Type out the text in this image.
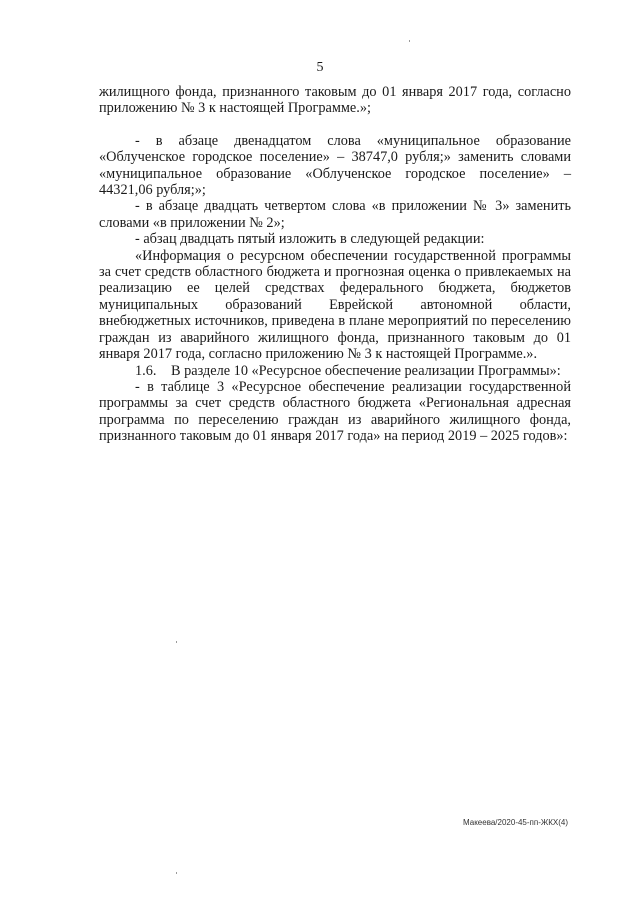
5

жилищного фонда, признанного таковым до 01 января 2017 года, согласно приложению № 3 к настоящей Программе.»;

- в абзаце двенадцатом слова «муниципальное образование «Облученское городское поселение» – 38747,0 рубля;» заменить словами «муниципальное образование «Облученское городское поселение» – 44321,06 рубля;»;

- в абзаце двадцать четвертом слова «в приложении № 3» заменить словами «в приложении № 2»;

- абзац двадцать пятый изложить в следующей редакции:

«Информация о ресурсном обеспечении государственной программы за счет средств областного бюджета и прогнозная оценка о привлекаемых на реализацию ее целей средствах федерального бюджета, бюджетов муниципальных образований Еврейской автономной области, внебюджетных источников, приведена в плане мероприятий по переселению граждан из аварийного жилищного фонда, признанного таковым до 01 января 2017 года, согласно приложению № 3 к настоящей Программе.».

1.6.	В разделе 10 «Ресурсное обеспечение реализации Программы»:

- в таблице 3 «Ресурсное обеспечение реализации государственной программы за счет средств областного бюджета «Региональная адресная программа по переселению граждан из аварийного жилищного фонда, признанного таковым до 01 января 2017 года» на период 2019 – 2025 годов»:

Макеева/2020-45-пп-ЖКХ(4)
